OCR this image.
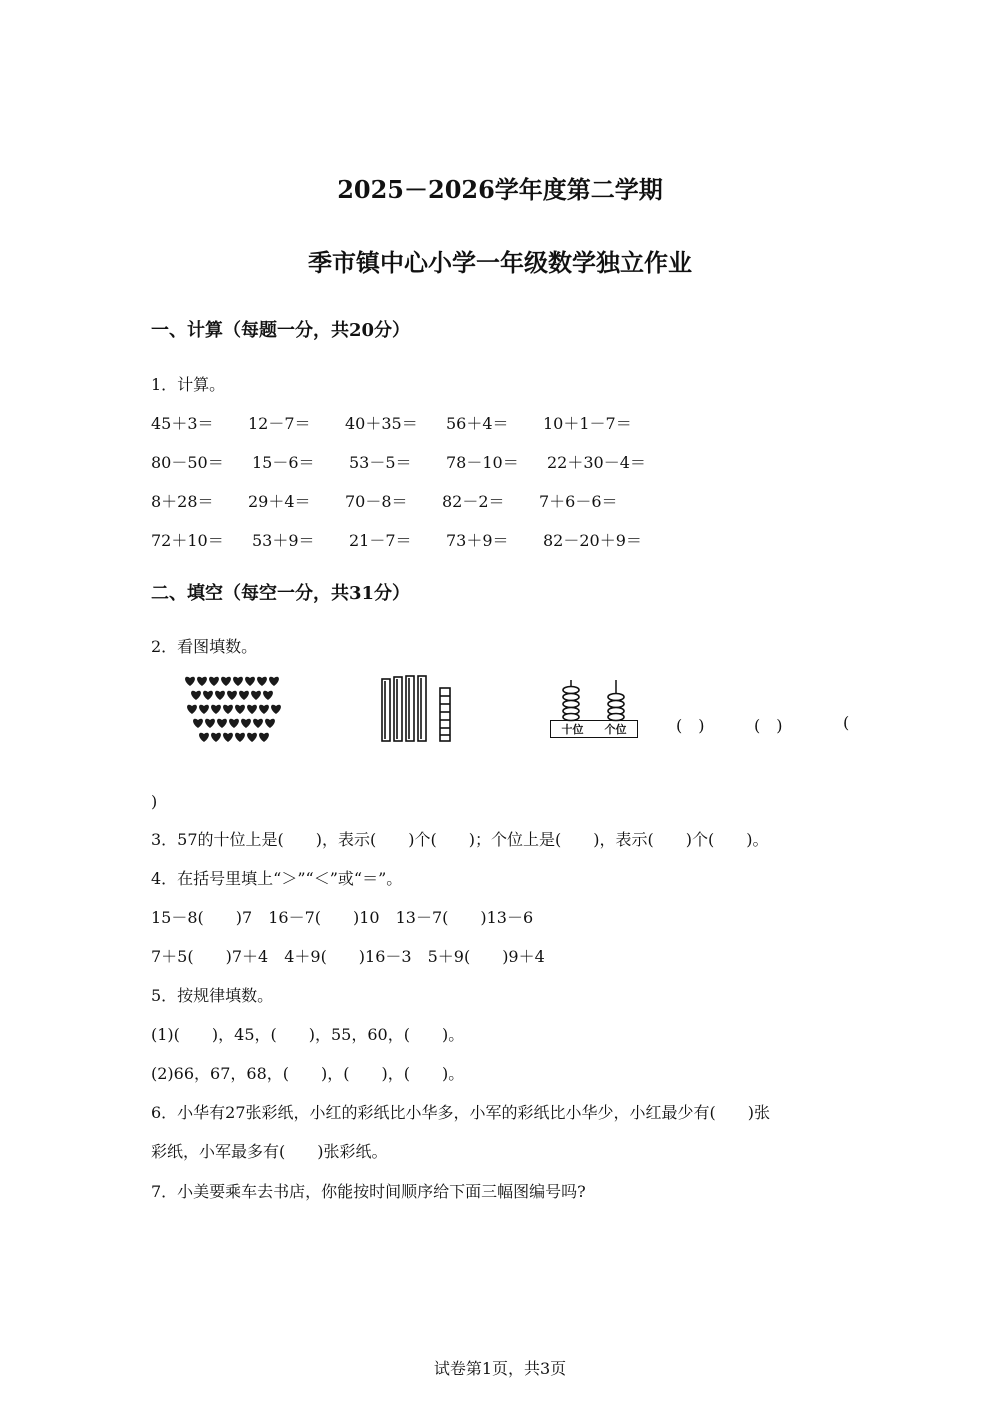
2025－2026学年度第二学期
季市镇中心小学一年级数学独立作业
一、计算（每题一分，共20分）
1．计算。
45＋3＝ 12－7＝ 40＋35＝ 56＋4＝ 10＋1－7＝
80－50＝ 15－6＝ 53－5＝ 78－10＝ 22＋30－4＝
8＋28＝ 29＋4＝ 70－8＝ 82－2＝ 7＋6－6＝
72＋10＝ 53＋9＝ 21－7＝ 73＋9＝ 82－20＋9＝
二、填空（每空一分，共31分）
2．看图填数。
十位 个位	(　)	(　)	(
)
3．57的十位上是(　　)，表示(　　)个(　　)；个位上是(　　)，表示(　　)个(　　)。
4．在括号里填上“＞”“＜”或“＝”。
15－8(　　)7　16－7(　　)10　13－7(　　)13－6
7＋5(　　)7＋4　4＋9(　　)16－3　5＋9(　　)9＋4
5．按规律填数。
(1)(　　)，45，(　　)，55，60，(　　)。
(2)66，67，68，(　　)，(　　)，(　　)。
6．小华有27张彩纸，小红的彩纸比小华多，小军的彩纸比小华少，小红最少有(　　)张
彩纸，小军最多有(　　)张彩纸。
7．小美要乘车去书店，你能按时间顺序给下面三幅图编号吗?
试卷第1页，共3页
